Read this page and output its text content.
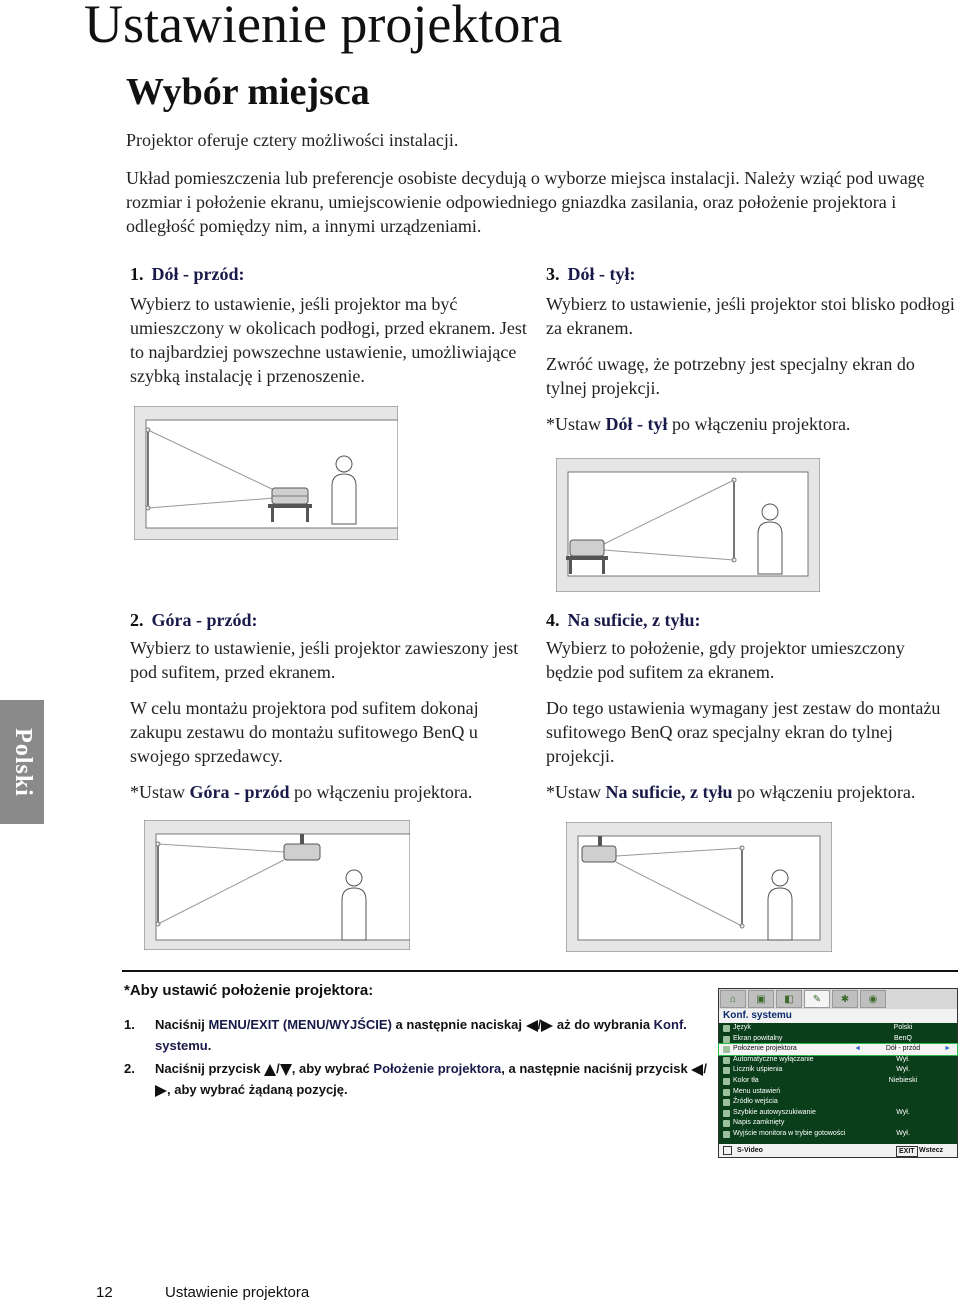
Ustawienie projektora
Wybór miejsca
Projektor oferuje cztery możliwości instalacji.
Układ pomieszczenia lub preferencje osobiste decydują o wyborze miejsca instalacji. Należy wziąć pod uwagę rozmiar i położenie ekranu, umiejscowienie odpowiedniego gniazdka zasilania, oraz położenie projektora i odległość pomiędzy nim, a innymi urządzeniami.
1. Dół - przód:
Wybierz to ustawienie, jeśli projektor ma być umieszczony w okolicach podłogi, przed ekranem. Jest to najbardziej powszechne ustawienie, umożliwiające szybką instalację i przenoszenie.
3. Dół - tył:
Wybierz to ustawienie, jeśli projektor stoi blisko podłogi za ekranem.
Zwróć uwagę, że potrzebny jest specjalny ekran do tylnej projekcji.
*Ustaw Dół - tył po włączeniu projektora.
2. Góra - przód:
Wybierz to ustawienie, jeśli projektor zawieszony jest pod sufitem, przed ekranem.
W celu montażu projektora pod sufitem dokonaj zakupu zestawu do montażu sufitowego BenQ u swojego sprzedawcy.
*Ustaw Góra - przód po włączeniu projektora.
4. Na suficie, z tyłu:
Wybierz to położenie, gdy projektor umieszczony będzie pod sufitem za ekranem.
Do tego ustawienia wymagany jest zestaw do montażu sufitowego BenQ oraz specjalny ekran do tylnej projekcji.
*Ustaw Na suficie, z tyłu po włączeniu projektora.
Polski
*Aby ustawić położenie projektora:
1. Naciśnij MENU/EXIT (MENU/WYJŚCIE) a następnie naciskaj / aż do wybrania Konf. systemu.
2. Naciśnij przycisk / , aby wybrać Położenie projektora, a następnie naciśnij przycisk /, aby wybrać żądaną pozycję.
⌂	▣	◧	✎	✱	◉
Konf. systemu
Język	Polski
Ekran powitalny	BenQ
Położenie projektora	Dół - przód
◄	►
Automatyczne wyłączanie	Wył.
Licznik uśpienia	Wył.
Kolor tła	Niebieski
Menu ustawień
Źródło wejścia
Szybkie autowyszukiwanie	Wył.
Napis zamknięty
Wyjście monitora w trybie gotowości	Wył.
S-Video	EXIT Wstecz
12	Ustawienie projektora
